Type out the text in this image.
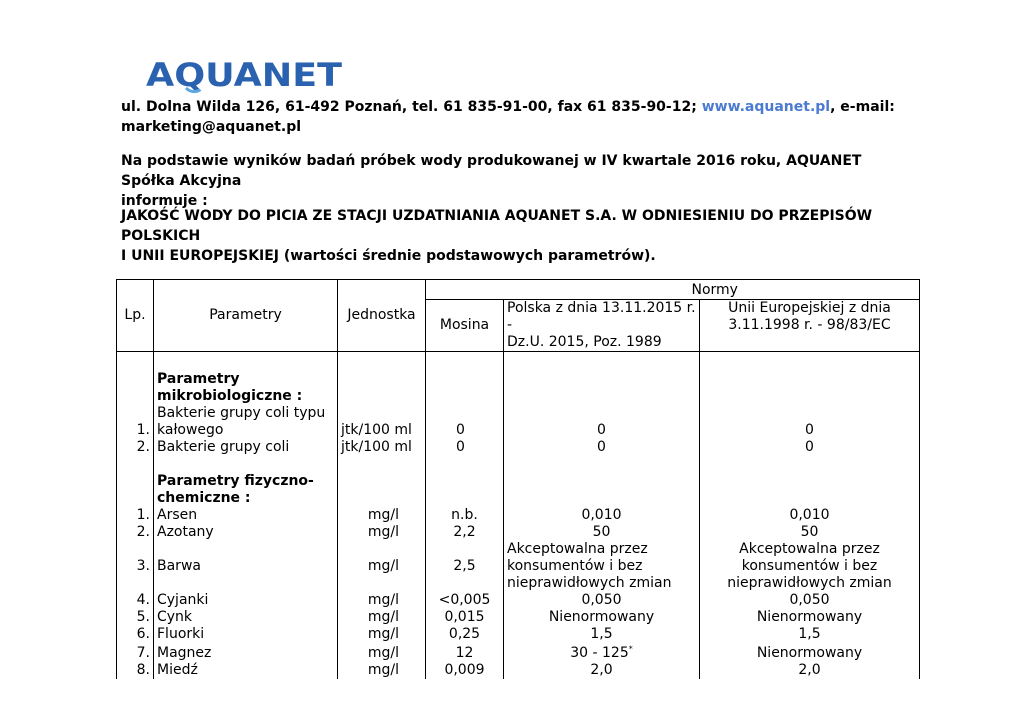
AQUANET
ul. Dolna Wilda 126, 61-492 Poznań, tel. 61 835-91-00, fax 61 835-90-12; www.aquanet.pl, e-mail:
marketing@aquanet.pl
Na podstawie wyników badań próbek wody produkowanej w IV kwartale 2016 roku, AQUANET Spółka Akcyjna
informuje :
JAKOŚĆ WODY DO PICIA ZE STACJI UZDATNIANIA AQUANET S.A. W ODNIESIENIU DO PRZEPISÓW POLSKICH
I UNII EUROPEJSKIEJ (wartości średnie podstawowych parametrów).
Lp.	Parametry	Jednostka			Normy
			Mosina	Polska z dnia 13.11.2015 r. -
Dz.U. 2015, Poz. 1989	Unii Europejskiej z dnia
3.11.1998 r. - 98/83/EC

	Parametry
mikrobiologiczne :				
1.	Bakterie grupy coli typu
kałowego	jtk/100 ml	0	0	0
2.	Bakterie grupy coli	jtk/100 ml	0	0	0

	Parametry fizyczno-
chemiczne :				
1.	Arsen	mg/l	n.b.	0,010	0,010
2.	Azotany	mg/l	2,2	50	50
3.	Barwa	mg/l	2,5	Akceptowalna przez
konsumentów i bez
nieprawidłowych zmian	Akceptowalna przez
konsumentów i bez
nieprawidłowych zmian
4.	Cyjanki	mg/l	<0,005	0,050	0,050
5.	Cynk	mg/l	0,015	Nienormowany	Nienormowany
6.	Fluorki	mg/l	0,25	1,5	1,5
7.	Magnez	mg/l	12	30 - 125*	Nienormowany
8.	Miedź	mg/l	0,009	2,0	2,0
